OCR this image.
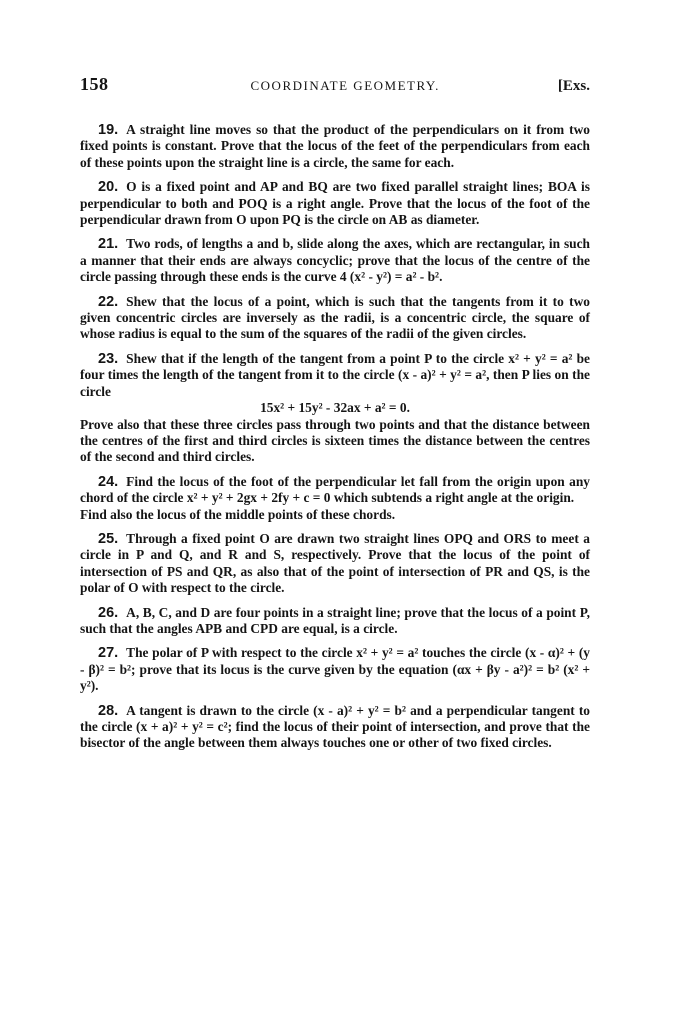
158	COORDINATE GEOMETRY.	[Exs.

19. A straight line moves so that the product of the perpendiculars on it from two fixed points is constant. Prove that the locus of the feet of the perpendiculars from each of these points upon the straight line is a circle, the same for each.

20. O is a fixed point and AP and BQ are two fixed parallel straight lines; BOA is perpendicular to both and POQ is a right angle. Prove that the locus of the foot of the perpendicular drawn from O upon PQ is the circle on AB as diameter.

21. Two rods, of lengths a and b, slide along the axes, which are rectangular, in such a manner that their ends are always concyclic; prove that the locus of the centre of the circle passing through these ends is the curve 4 (x² - y²) = a² - b².

22. Shew that the locus of a point, which is such that the tangents from it to two given concentric circles are inversely as the radii, is a concentric circle, the square of whose radius is equal to the sum of the squares of the radii of the given circles.

23. Shew that if the length of the tangent from a point P to the circle x² + y² = a² be four times the length of the tangent from it to the circle (x - a)² + y² = a², then P lies on the circle

15x² + 15y² - 32ax + a² = 0.

Prove also that these three circles pass through two points and that the distance between the centres of the first and third circles is sixteen times the distance between the centres of the second and third circles.

24. Find the locus of the foot of the perpendicular let fall from the origin upon any chord of the circle x² + y² + 2gx + 2fy + c = 0 which subtends a right angle at the origin.

Find also the locus of the middle points of these chords.

25. Through a fixed point O are drawn two straight lines OPQ and ORS to meet a circle in P and Q, and R and S, respectively. Prove that the locus of the point of intersection of PS and QR, as also that of the point of intersection of PR and QS, is the polar of O with respect to the circle.

26. A, B, C, and D are four points in a straight line; prove that the locus of a point P, such that the angles APB and CPD are equal, is a circle.

27. The polar of P with respect to the circle x² + y² = a² touches the circle (x - α)² + (y - β)² = b²; prove that its locus is the curve given by the equation (αx + βy - a²)² = b² (x² + y²).

28. A tangent is drawn to the circle (x - a)² + y² = b² and a perpendicular tangent to the circle (x + a)² + y² = c²; find the locus of their point of intersection, and prove that the bisector of the angle between them always touches one or other of two fixed circles.
